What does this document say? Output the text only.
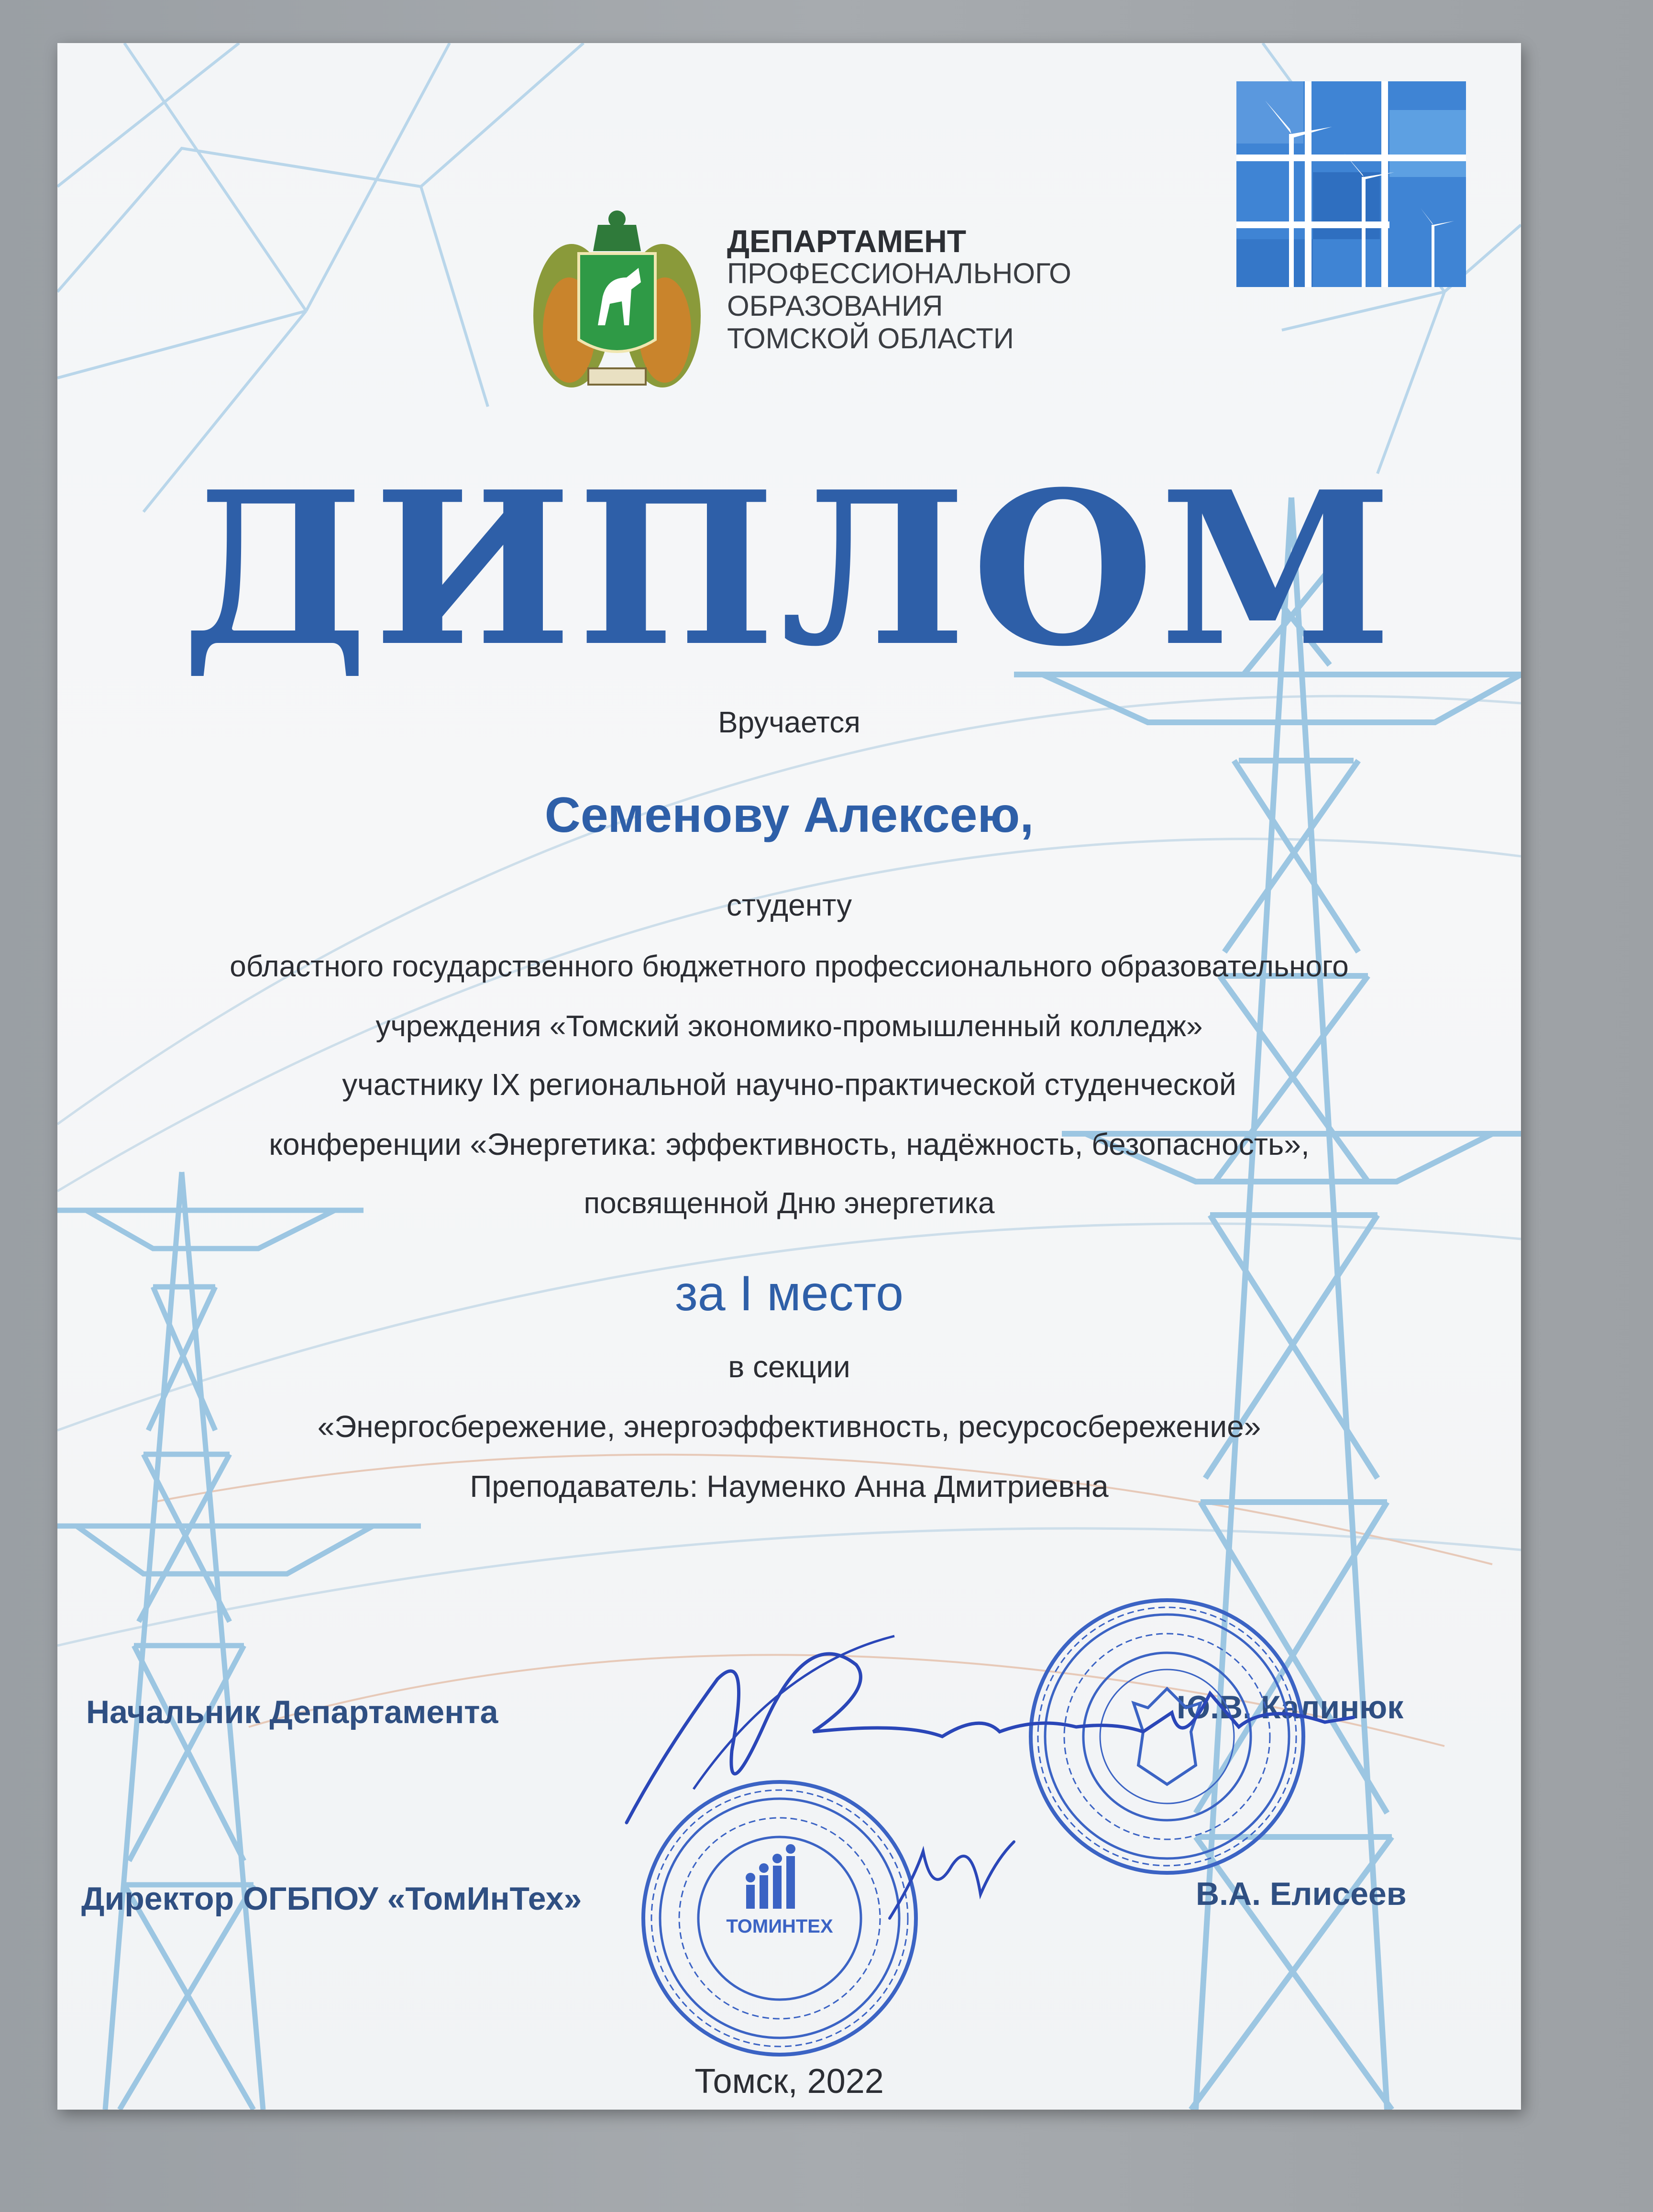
ДЕПАРТАМЕНТ
ПРОФЕССИОНАЛЬНОГО
ОБРАЗОВАНИЯ
ТОМСКОЙ ОБЛАСТИ
ДИПЛОМ
Вручается
Семенову Алексею,
студенту
областного государственного бюджетного профессионального образовательного
учреждения «Томский экономико-промышленный колледж»
участнику IX региональной научно-практической студенческой
конференции «Энергетика: эффективность, надёжность, безопасность»,
посвященной Дню энергетика
за I место
в секции
«Энергосбережение, энергоэффективность, ресурсосбережение»
Преподаватель: Науменко Анна Дмитриевна
Начальник Департамента	Ю.В. Калинюк
Директор ОГБПОУ «ТомИнТех»	В.А. Елисеев
ТОМИНТЕХ
Томск, 2022
